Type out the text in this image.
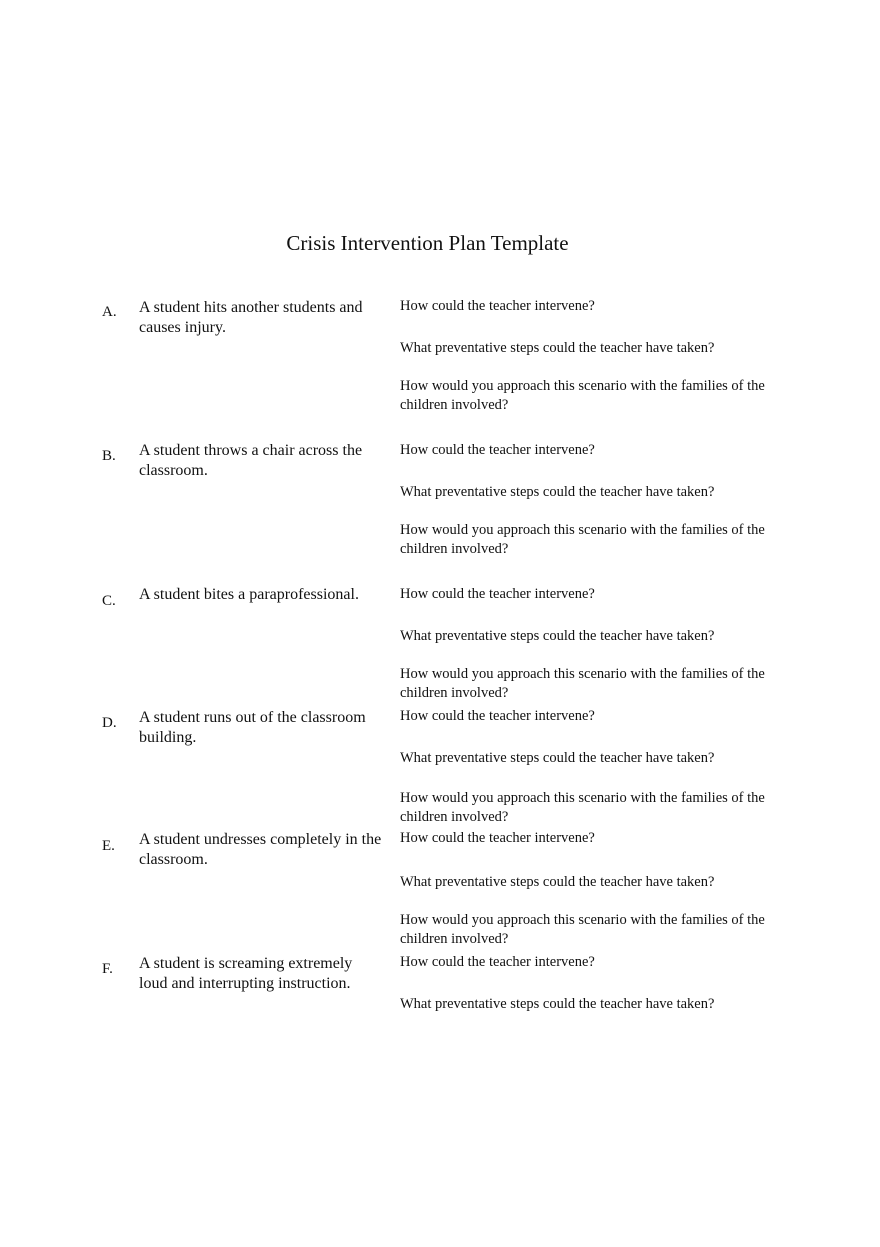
Crisis Intervention Plan Template
A. A student hits another students and causes injury.
How could the teacher intervene?
What preventative steps could the teacher have taken?
How would you approach this scenario with the families of the children involved?
B. A student throws a chair across the classroom.
How could the teacher intervene?
What preventative steps could the teacher have taken?
How would you approach this scenario with the families of the children involved?
C. A student bites a paraprofessional.	How could the teacher intervene?
What preventative steps could the teacher have taken?
How would you approach this scenario with the families of the children involved?
D. A student runs out of the classroom building.
How could the teacher intervene?
What preventative steps could the teacher have taken?
How would you approach this scenario with the families of the children involved?
E. A student undresses completely in the classroom.
How could the teacher intervene?
What preventative steps could the teacher have taken?
How would you approach this scenario with the families of the children involved?
F. A student is screaming extremely loud and interrupting instruction.
How could the teacher intervene?
What preventative steps could the teacher have taken?
